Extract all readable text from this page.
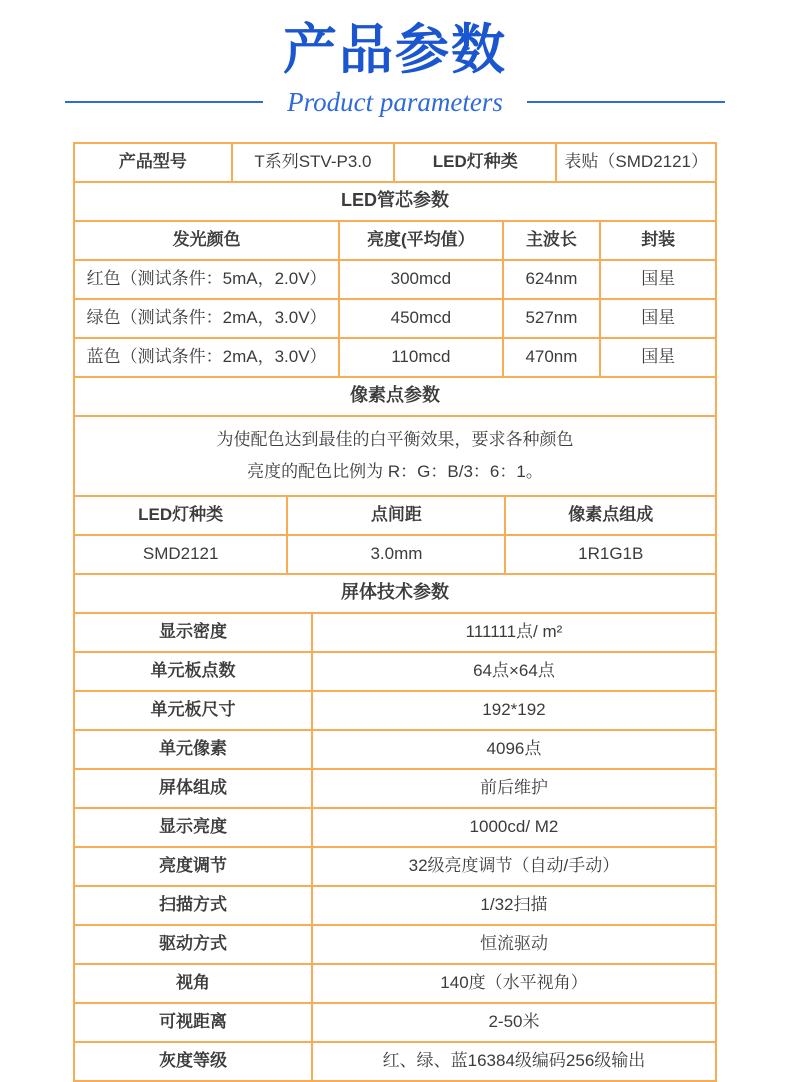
产品参数
Product parameters
产品型号	T系列STV-P3.0	LED灯种类	表贴（SMD2121）
LED管芯参数
发光颜色	亮度(平均值）	主波长	封装
红色（测试条件：5mA，2.0V）	300mcd	624nm	国星
绿色（测试条件：2mA，3.0V）	450mcd	527nm	国星
蓝色（测试条件：2mA，3.0V）	110mcd	470nm	国星
像素点参数
为使配色达到最佳的白平衡效果，要求各种颜色
亮度的配色比例为 R：G：B/3：6：1。
LED灯种类	点间距	像素点组成
SMD2121	3.0mm	1R1G1B
屏体技术参数
显示密度	111111点/ m²
单元板点数	64点×64点
单元板尺寸	192*192
单元像素	4096点
屏体组成	前后维护
显示亮度	1000cd/ M2
亮度调节	32级亮度调节（自动/手动）
扫描方式	1/32扫描
驱动方式	恒流驱动
视角	140度（水平视角）
可视距离	2-50米
灰度等级	红、绿、蓝16384级编码256级输出
